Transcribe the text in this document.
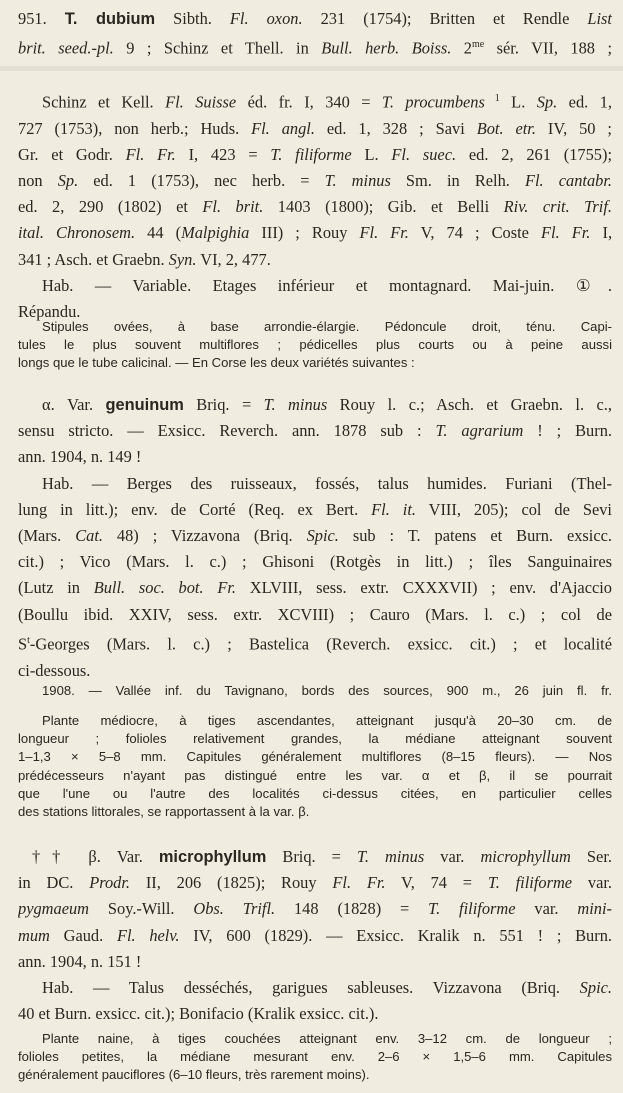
951. T. dubium Sibth. Fl. oxon. 231 (1754); Britten et Rendle List
brit. seed.-pl. 9 ; Schinz et Thell. in Bull. herb. Boiss. $2^{me}$ sér. VII, 188 ;
Schinz et Kell. Fl. Suisse éd. fr. I, 340 = T. procumbens $^1$ L. Sp. ed. 1,
727 (1753), non herb.; Huds. Fl. angl. ed. 1, 328 ; Savi Bot. etr. IV, 50 ;
Gr. et Godr. Fl. Fr. I, 423 = T. filiforme L. Fl. suec. ed. 2, 261 (1755);
non Sp. ed. 1 (1753), nec herb. = T. minus Sm. in Relh. Fl. cantabr.
ed. 2, 290 (1802) et Fl. brit. 1403 (1800); Gib. et Belli Riv. crit. Trif.
ital. Chronosem. 44 (Malpighia III) ; Rouy Fl. Fr. V, 74 ; Coste Fl. Fr. I,
341 ; Asch. et Graebn. Syn. VI, 2, 477.
Hab. — Variable. Etages inférieur et montagnard. Mai-juin. ①.
Répandu.
Stipules ovées, à base arrondie-élargie. Pédoncule droit, ténu. Capi-
tules le plus souvent multiflores ; pédicelles plus courts ou à peine aussi
longs que le tube calicinal. — En Corse les deux variétés suivantes :
α. Var. genuinum Briq. = T. minus Rouy l. c.; Asch. et Graebn. l. c.,
sensu stricto. — Exsicc. Reverch. ann. 1878 sub : T. agrarium ! ; Burn.
ann. 1904, n. 149 !
Hab. — Berges des ruisseaux, fossés, talus humides. Furiani (Thel-
lung in litt.); env. de Corté (Req. ex Bert. Fl. it. VIII, 205); col de Sevi
(Mars. Cat. 48) ; Vizzavona (Briq. Spic. sub : T. patens et Burn. exsicc.
cit.) ; Vico (Mars. l. c.) ; Ghisoni (Rotgès in litt.) ; îles Sanguinaires
(Lutz in Bull. soc. bot. Fr. XLVIII, sess. extr. CXXXVII) ; env. d'Ajaccio
(Boullu ibid. XXIV, sess. extr. XCVIII) ; Cauro (Mars. l. c.) ; col de
$S^t$-Georges (Mars. l. c.) ; Bastelica (Reverch. exsicc. cit.) ; et localité
ci-dessous.
1908. — Vallée inf. du Tavignano, bords des sources, 900 m., 26 juin fl. fr.
Plante médiocre, à tiges ascendantes, atteignant jusqu'à 20–30 cm. de
longueur ; folioles relativement grandes, la médiane atteignant souvent
1–1,3 × 5–8 mm. Capitules généralement multiflores (8–15 fleurs). — Nos
prédécesseurs n'ayant pas distingué entre les var. α et β, il se pourrait
que l'une ou l'autre des localités ci-dessus citées, en particulier celles
des stations littorales, se rapportassent à la var. β.
†† β. Var. microphyllum Briq. = T. minus var. microphyllum Ser.
in DC. Prodr. II, 206 (1825); Rouy Fl. Fr. V, 74 = T. filiforme var.
pygmaeum Soy.-Will. Obs. Trifl. 148 (1828) = T. filiforme var. mini-
mum Gaud. Fl. helv. IV, 600 (1829). — Exsicc. Kralik n. 551 ! ; Burn.
ann. 1904, n. 151 !
Hab. — Talus desséchés, garigues sableuses. Vizzavona (Briq. Spic.
40 et Burn. exsicc. cit.); Bonifacio (Kralik exsicc. cit.).
Plante naine, à tiges couchées atteignant env. 3–12 cm. de longueur ;
folioles petites, la médiane mesurant env. 2–6 × 1,5–6 mm. Capitules
généralement pauciflores (6–10 fleurs, très rarement moins).
